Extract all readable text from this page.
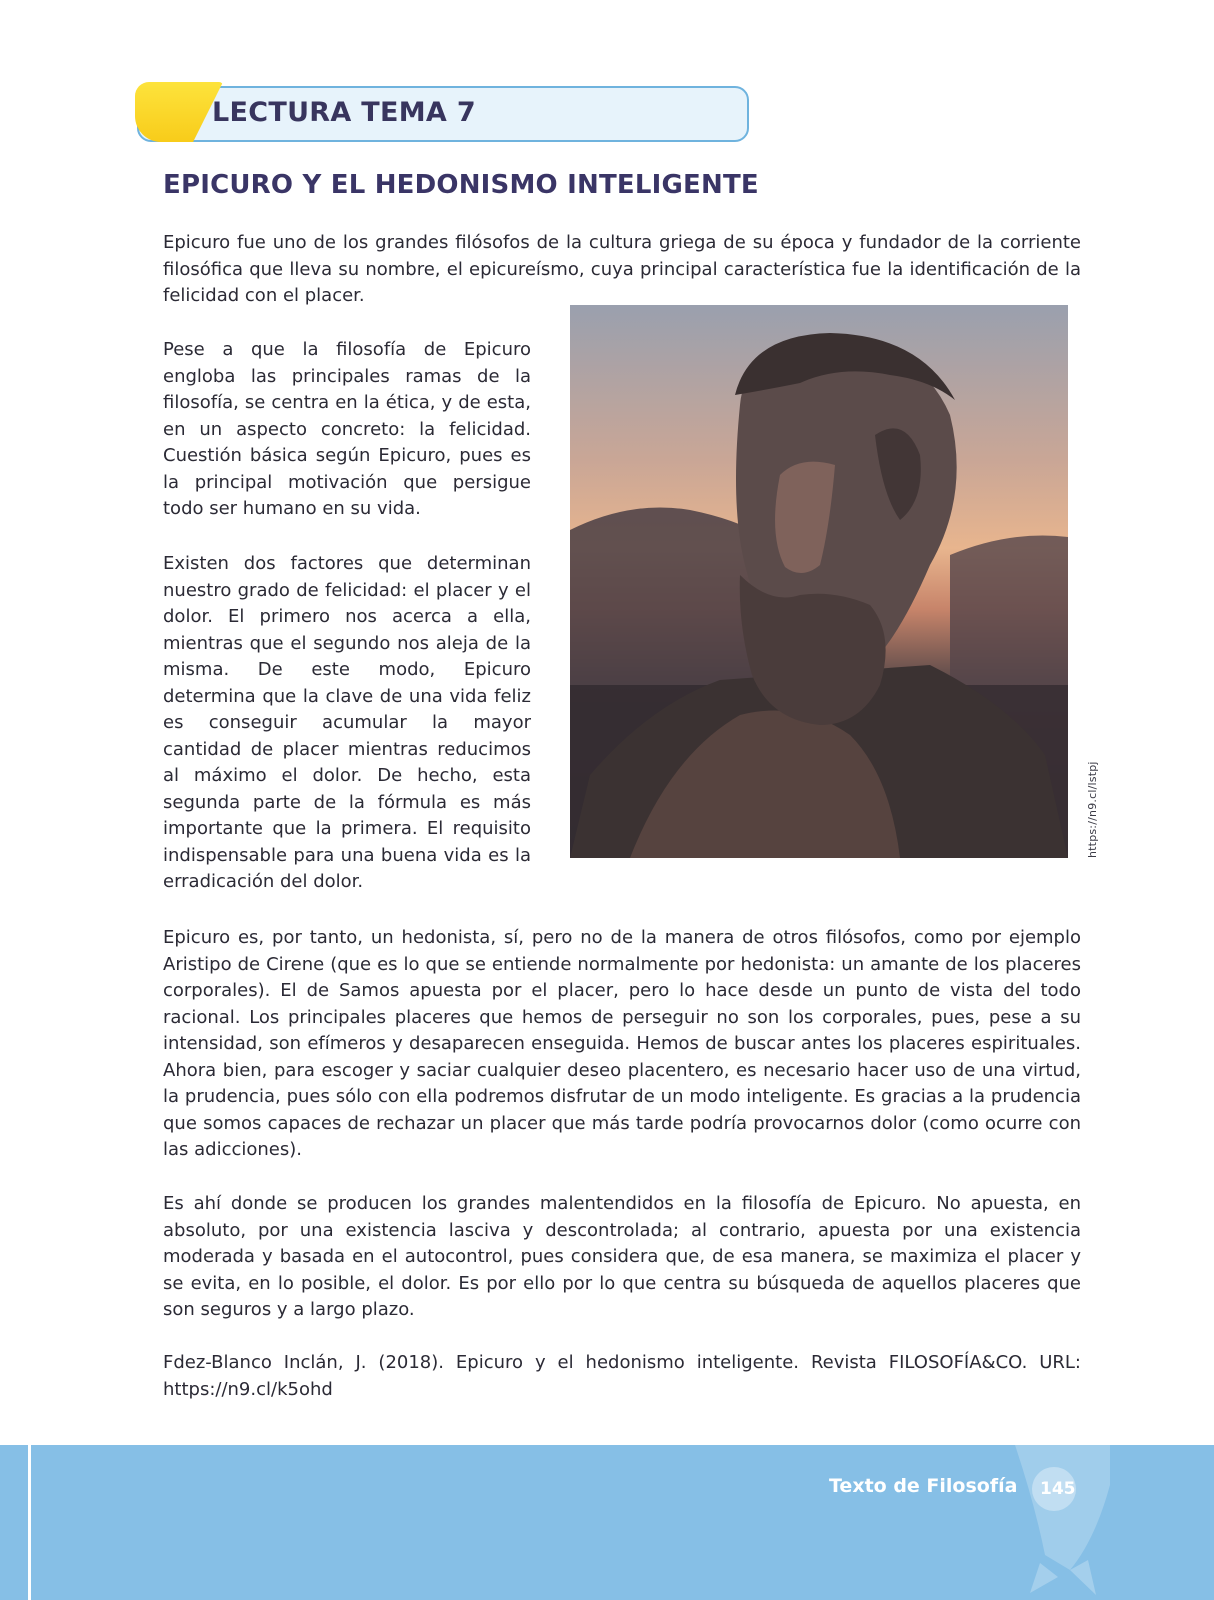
LECTURA TEMA 7
EPICURO Y EL HEDONISMO INTELIGENTE

Epicuro fue uno de los grandes filósofos de la cultura griega de su época y fundador de la corriente filosófica que lleva su nombre, el epicureísmo, cuya principal característica fue la identificación de la felicidad con el placer.

Pese a que la filosofía de Epicuro engloba las principales ramas de la filosofía, se centra en la ética, y de esta, en un aspecto concreto: la felicidad. Cuestión básica según Epicuro, pues es la principal motivación que persigue todo ser humano en su vida.

Existen dos factores que determinan nuestro grado de felicidad: el placer y el dolor. El primero nos acerca a ella, mientras que el segundo nos aleja de la misma. De este modo, Epicuro determina que la clave de una vida feliz es conseguir acumular la mayor cantidad de placer mientras reducimos al máximo el dolor. De hecho, esta segunda parte de la fórmula es más importante que la primera. El requisito indispensable para una buena vida es la erradicación del dolor.

https://n9.cl/lstpj

Epicuro es, por tanto, un hedonista, sí, pero no de la manera de otros filósofos, como por ejemplo Aristipo de Cirene (que es lo que se entiende normalmente por hedonista: un amante de los placeres corporales). El de Samos apuesta por el placer, pero lo hace desde un punto de vista del todo racional. Los principales placeres que hemos de perseguir no son los corporales, pues, pese a su intensidad, son efímeros y desaparecen enseguida. Hemos de buscar antes los placeres espirituales. Ahora bien, para escoger y saciar cualquier deseo placentero, es necesario hacer uso de una virtud, la prudencia, pues sólo con ella podremos disfrutar de un modo inteligente. Es gracias a la prudencia que somos capaces de rechazar un placer que más tarde podría provocarnos dolor (como ocurre con las adicciones).

Es ahí donde se producen los grandes malentendidos en la filosofía de Epicuro. No apuesta, en absoluto, por una existencia lasciva y descontrolada; al contrario, apuesta por una existencia moderada y basada en el autocontrol, pues considera que, de esa manera, se maximiza el placer y se evita, en lo posible, el dolor. Es por ello por lo que centra su búsqueda de aquellos placeres que son seguros y a largo plazo.

Fdez-Blanco Inclán, J. (2018). Epicuro y el hedonismo inteligente. Revista FILOSOFÍA&CO. URL: https://n9.cl/k5ohd

Texto de Filosofía 145
